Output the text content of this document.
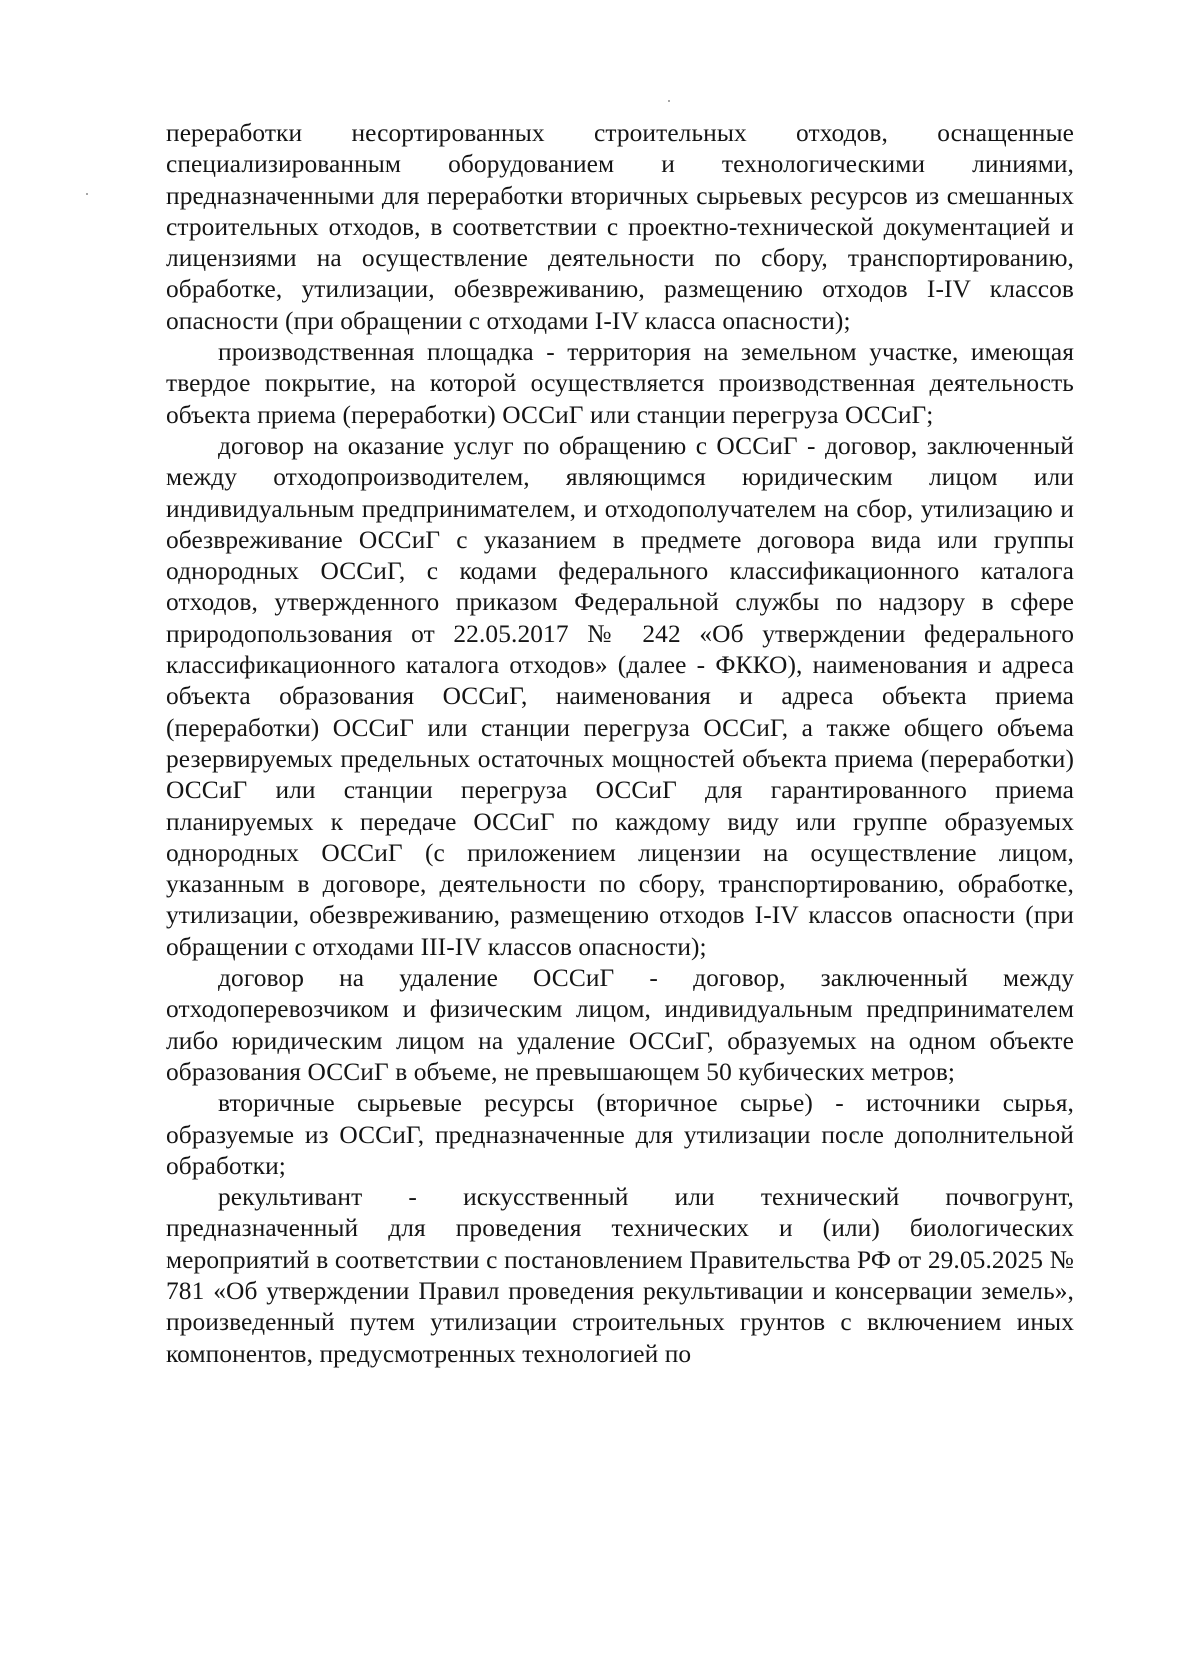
переработки несортированных строительных отходов, оснащенные специализированным оборудованием и технологическими линиями, предназначенными для переработки вторичных сырьевых ресурсов из смешанных строительных отходов, в соответствии с проектно-технической документацией и лицензиями на осуществление деятельности по сбору, транспортированию, обработке, утилизации, обезвреживанию, размещению отходов I-IV классов опасности (при обращении с отходами I-IV класса опасности);

производственная площадка - территория на земельном участке, имеющая твердое покрытие, на которой осуществляется производственная деятельность объекта приема (переработки) ОССиГ или станции перегруза ОССиГ;

договор на оказание услуг по обращению с ОССиГ - договор, заключенный между отходопроизводителем, являющимся юридическим лицом или индивидуальным предпринимателем, и отходополучателем на сбор, утилизацию и обезвреживание ОССиГ с указанием в предмете договора вида или группы однородных ОССиГ, с кодами федерального классификационного каталога отходов, утвержденного приказом Федеральной службы по надзору в сфере природопользования от 22.05.2017 № 242 «Об утверждении федерального классификационного каталога отходов» (далее - ФККО), наименования и адреса объекта образования ОССиГ, наименования и адреса объекта приема (переработки) ОССиГ или станции перегруза ОССиГ, а также общего объема резервируемых предельных остаточных мощностей объекта приема (переработки) ОССиГ или станции перегруза ОССиГ для гарантированного приема планируемых к передаче ОССиГ по каждому виду или группе образуемых однородных ОССиГ (с приложением лицензии на осуществление лицом, указанным в договоре, деятельности по сбору, транспортированию, обработке, утилизации, обезвреживанию, размещению отходов I-IV классов опасности (при обращении с отходами III-IV классов опасности);

договор на удаление ОССиГ - договор, заключенный между отходоперевозчиком и физическим лицом, индивидуальным предпринимателем либо юридическим лицом на удаление ОССиГ, образуемых на одном объекте образования ОССиГ в объеме, не превышающем 50 кубических метров;

вторичные сырьевые ресурсы (вторичное сырье) - источники сырья, образуемые из ОССиГ, предназначенные для утилизации после дополнительной обработки;

рекультивант - искусственный или технический почвогрунт, предназначенный для проведения технических и (или) биологических мероприятий в соответствии с постановлением Правительства РФ от 29.05.2025 № 781 «Об утверждении Правил проведения рекультивации и консервации земель», произведенный путем утилизации строительных грунтов с включением иных компонентов, предусмотренных технологией по
